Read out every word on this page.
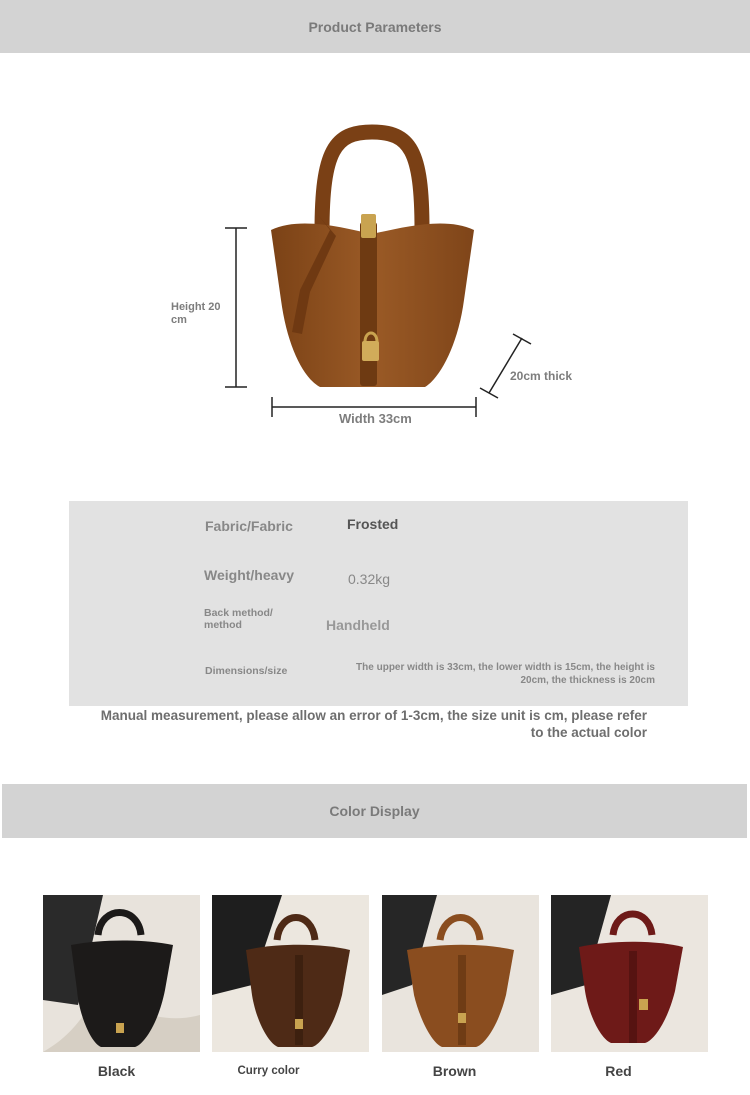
Product Parameters
Height 20 cm
Width 33cm
20cm thick
Fabric/Fabric	Frosted
Weight/heavy	0.32kg
Back method/ method	Handheld
Dimensions/size	The upper width is 33cm, the lower width is 15cm, the height is 20cm, the thickness is 20cm
Manual measurement, please allow an error of 1-3cm, the size unit is cm, please refer to the actual color
Color Display
Black	Curry color	Brown	Red
